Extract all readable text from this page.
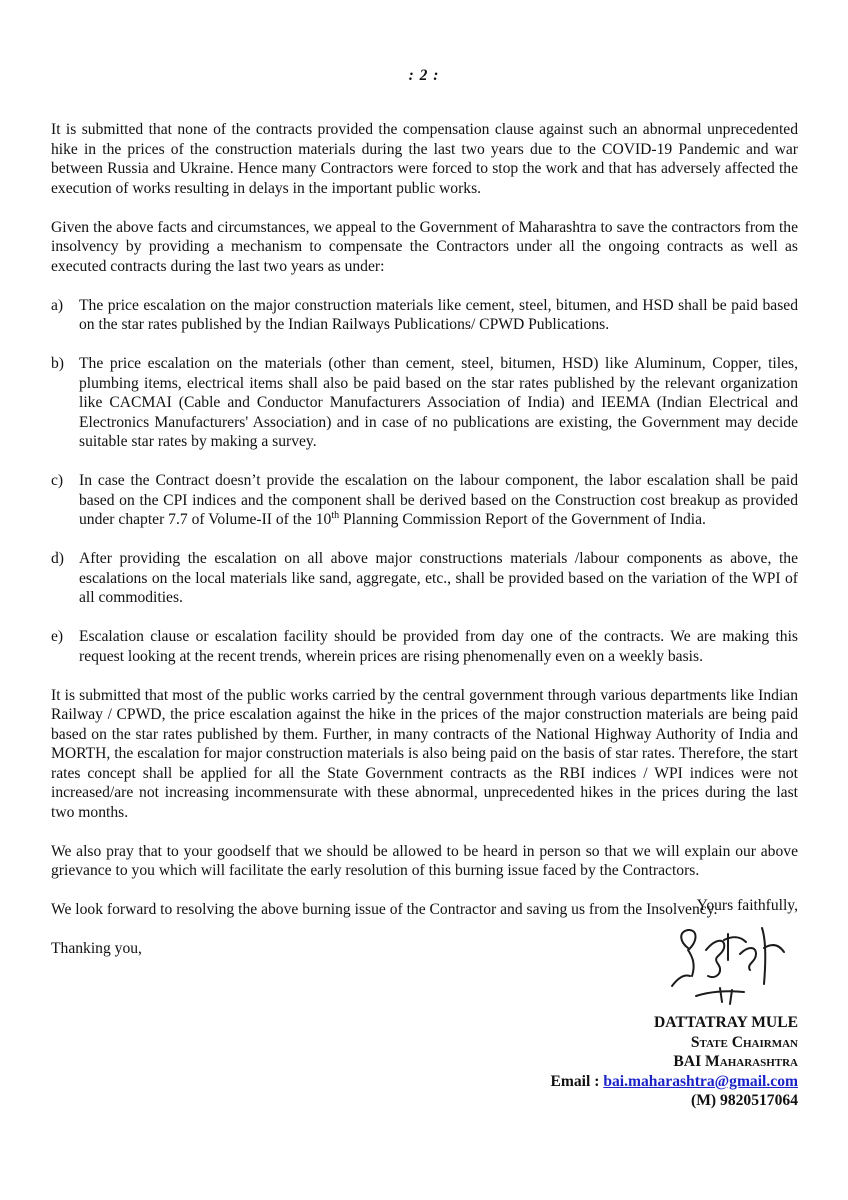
: 2 :

It is submitted that none of the contracts provided the compensation clause against such an abnormal unprecedented hike in the prices of the construction materials during the last two years due to the COVID-19 Pandemic and war between Russia and Ukraine. Hence many Contractors were forced to stop the work and that has adversely affected the execution of works resulting in delays in the important public works.

Given the above facts and circumstances, we appeal to the Government of Maharashtra to save the contractors from the insolvency by providing a mechanism to compensate the Contractors under all the ongoing contracts as well as executed contracts during the last two years as under:

a)	The price escalation on the major construction materials like cement, steel, bitumen, and HSD shall be paid based on the star rates published by the Indian Railways Publications/ CPWD Publications.
b) The price escalation on the materials (other than cement, steel, bitumen, HSD) like Aluminum, Copper, tiles, plumbing items, electrical items shall also be paid based on the star rates published by the relevant organization like CACMAI (Cable and Conductor Manufacturers Association of India) and IEEMA (Indian Electrical and Electronics Manufacturers' Association) and in case of no publications are existing, the Government may decide suitable star rates by making a survey.
c)	In case the Contract doesn’t provide the escalation on the labour component, the labor escalation shall be paid based on the CPI indices and the component shall be derived based on the Construction cost breakup as provided under chapter 7.7 of Volume-II of the 10th Planning Commission Report of the Government of India.
d) After providing the escalation on all above major constructions materials /labour components as above, the escalations on the local materials like sand, aggregate, etc., shall be provided based on the variation of the WPI of all commodities.
e)	Escalation clause or escalation facility should be provided from day one of the contracts. We are making this request looking at the recent trends, wherein prices are rising phenomenally even on a weekly basis.

It is submitted that most of the public works carried by the central government through various departments like Indian Railway / CPWD, the price escalation against the hike in the prices of the major construction materials are being paid based on the star rates published by them. Further, in many contracts of the National Highway Authority of India and MORTH, the escalation for major construction materials is also being paid on the basis of star rates. Therefore, the start rates concept shall be applied for all the State Government contracts as the RBI indices / WPI indices were not increased/are not increasing incommensurate with these abnormal, unprecedented hikes in the prices during the last two months.

We also pray that to your goodself that we should be allowed to be heard in person so that we will explain our above grievance to you which will facilitate the early resolution of this burning issue faced by the Contractors.

We look forward to resolving the above burning issue of the Contractor and saving us from the Insolvency.

Thanking you,

Yours faithfully,
DATTATRAY MULE
State Chairman
BAI Maharashtra
Email : bai.maharashtra@gmail.com
(M) 9820517064
